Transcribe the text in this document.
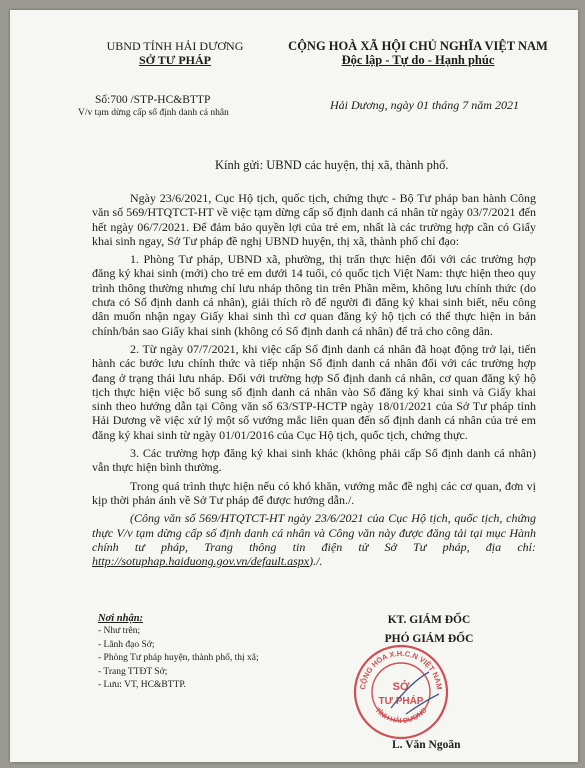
UBND TỈNH HẢI DƯƠNG
SỞ TƯ PHÁP
CỘNG HOÀ XÃ HỘI CHỦ NGHĨA VIỆT NAM
Độc lập - Tự do - Hạnh phúc
Số:700 /STP-HC&BTTP
V/v tạm dừng cấp số định danh cá nhân
Hải Dương, ngày 01 tháng 7 năm 2021
Kính gửi: UBND các huyện, thị xã, thành phố.

Ngày 23/6/2021, Cục Hộ tịch, quốc tịch, chứng thực - Bộ Tư pháp ban hành Công văn số 569/HTQTCT-HT về việc tạm dừng cấp số định danh cá nhân từ ngày 03/7/2021 đến hết ngày 06/7/2021. Để đảm bảo quyền lợi của trẻ em, nhất là các trường hợp cần có Giấy khai sinh ngay, Sở Tư pháp đề nghị UBND huyện, thị xã, thành phố chỉ đạo:

1. Phòng Tư pháp, UBND xã, phường, thị trấn thực hiện đối với các trường hợp đăng ký khai sinh (mới) cho trẻ em dưới 14 tuổi, có quốc tịch Việt Nam: thực hiện theo quy trình thông thường nhưng chỉ lưu nháp thông tin trên Phần mềm, không lưu chính thức (do chưa có Số định danh cá nhân), giải thích rõ để người đi đăng ký khai sinh biết, nếu công dân muốn nhận ngay Giấy khai sinh thì cơ quan đăng ký hộ tịch có thể thực hiện in bản chính/bản sao Giấy khai sinh (không có Số định danh cá nhân) để trả cho công dân.

2. Từ ngày 07/7/2021, khi việc cấp Số định danh cá nhân đã hoạt động trở lại, tiến hành các bước lưu chính thức và tiếp nhận Số định danh cá nhân đối với các trường hợp đang ở trạng thái lưu nháp. Đối với trường hợp Số định danh cá nhân, cơ quan đăng ký hộ tịch thực hiện việc bổ sung số định danh cá nhân vào Sổ đăng ký khai sinh và Giấy khai sinh theo hướng dẫn tại Công văn số 63/STP-HCTP ngày 18/01/2021 của Sở Tư pháp tỉnh Hải Dương về việc xử lý một số vướng mắc liên quan đến số định danh cá nhân của trẻ em đăng ký khai sinh từ ngày 01/01/2016 của Cục Hộ tịch, quốc tịch, chứng thực.

3. Các trường hợp đăng ký khai sinh khác (không phải cấp Số định danh cá nhân) vẫn thực hiện bình thường.

Trong quá trình thực hiện nếu có khó khăn, vướng mắc đề nghị các cơ quan, đơn vị kịp thời phản ánh về Sở Tư pháp để được hướng dẫn./.

(Công văn số 569/HTQTCT-HT ngày 23/6/2021 của Cục Hộ tịch, quốc tịch, chứng thực V/v tạm dừng cấp số định danh cá nhân và Công văn này được đăng tải tại mục Hành chính tư pháp, Trang thông tin điện tử Sở Tư pháp, địa chỉ: http://sotuphap.haiduong.gov.vn/default.aspx)./.

Nơi nhận:
- Như trên;
- Lãnh đạo Sở;
- Phòng Tư pháp huyện, thành phố, thị xã;
- Trang TTĐT Sở;
- Lưu: VT, HC&BTTP.
KT. GIÁM ĐỐC
PHÓ GIÁM ĐỐC
CỘNG HÒA X.H.C.N VIỆT NAM
TỈNH HẢI DƯƠNG
SỞ
TƯ PHÁP
L. Văn Ngoãn
